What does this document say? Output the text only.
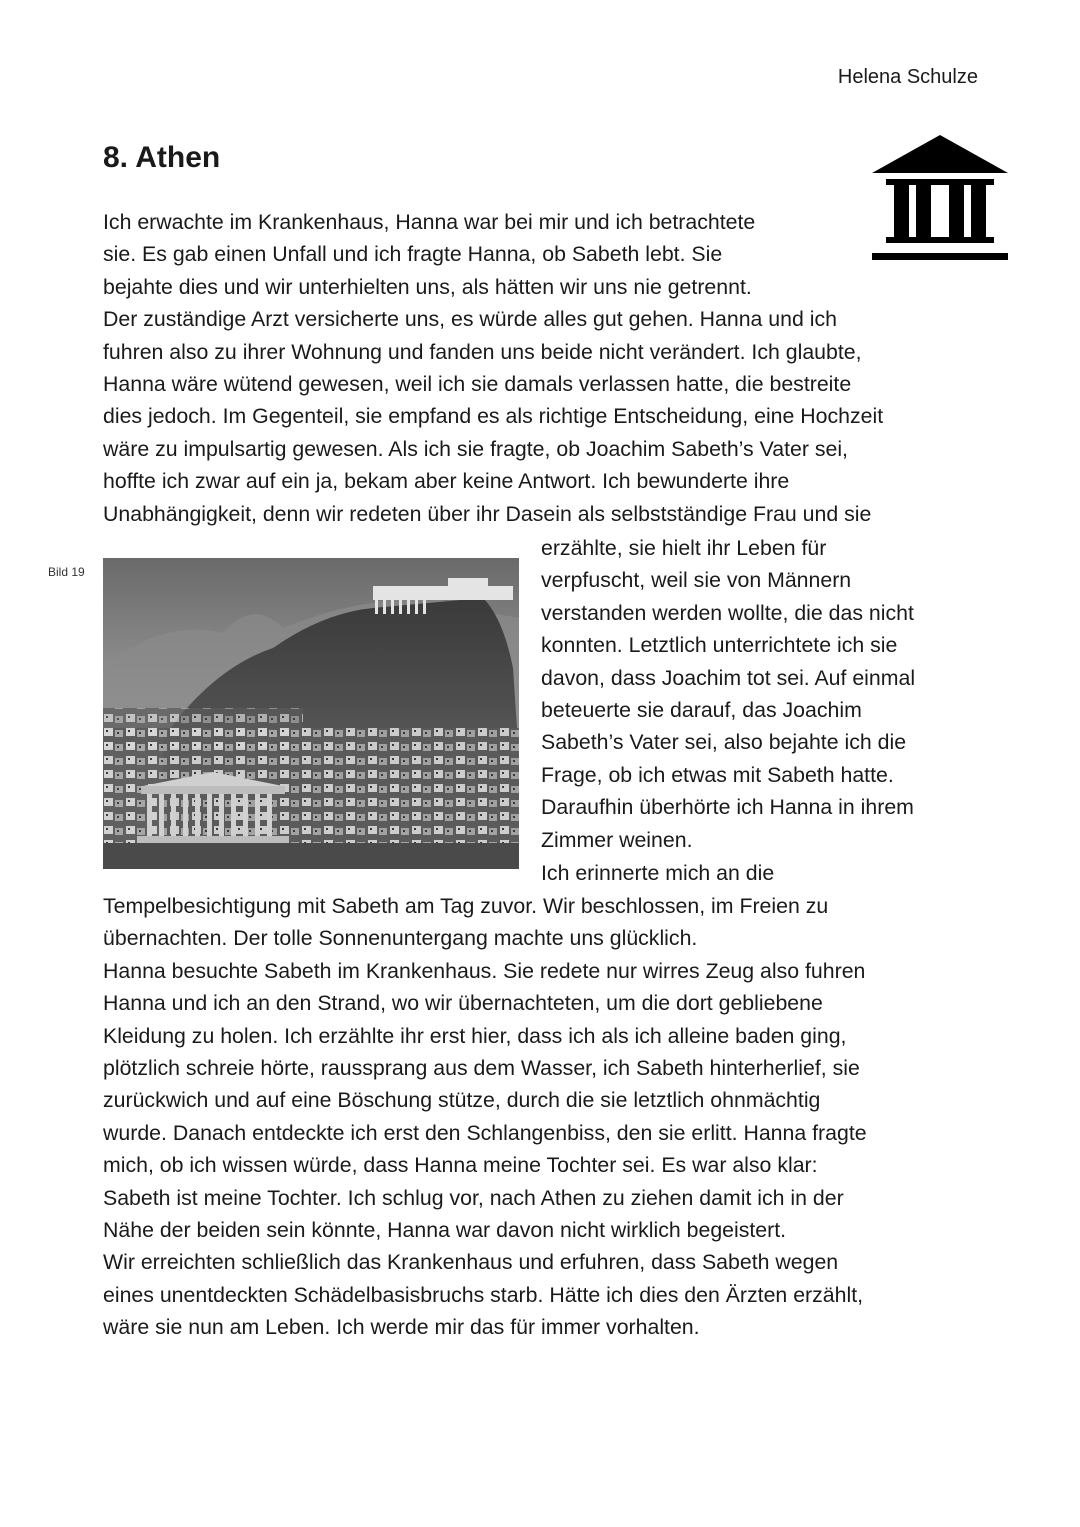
Helena Schulze
8. Athen
Ich erwachte im Krankenhaus, Hanna war bei mir und ich betrachtete
sie. Es gab einen Unfall und ich fragte Hanna, ob Sabeth lebt. Sie
bejahte dies und wir unterhielten uns, als hätten wir uns nie getrennt.
Der zuständige Arzt versicherte uns, es würde alles gut gehen. Hanna und ich
fuhren also zu ihrer Wohnung und fanden uns beide nicht verändert. Ich glaubte,
Hanna wäre wütend gewesen, weil ich sie damals verlassen hatte, die bestreite
dies jedoch. Im Gegenteil, sie empfand es als richtige Entscheidung, eine Hochzeit
wäre zu impulsartig gewesen. Als ich sie fragte, ob Joachim Sabeth’s Vater sei,
hoffte ich zwar auf ein ja, bekam aber keine Antwort. Ich bewunderte ihre
Unabhängigkeit, denn wir redeten über ihr Dasein als selbstständige Frau und sie
Bild 19
erzählte, sie hielt ihr Leben für
verpfuscht, weil sie von Männern
verstanden werden wollte, die das nicht
konnten. Letztlich unterrichtete ich sie
davon, dass Joachim tot sei. Auf einmal
beteuerte sie darauf, das Joachim
Sabeth’s Vater sei, also bejahte ich die
Frage, ob ich etwas mit Sabeth hatte.
Daraufhin überhörte ich Hanna in ihrem
Zimmer weinen.
Ich erinnerte mich an die
Tempelbesichtigung mit Sabeth am Tag zuvor. Wir beschlossen, im Freien zu
übernachten. Der tolle Sonnenuntergang machte uns glücklich.
Hanna besuchte Sabeth im Krankenhaus. Sie redete nur wirres Zeug also fuhren
Hanna und ich an den Strand, wo wir übernachteten, um die dort gebliebene
Kleidung zu holen. Ich erzählte ihr erst hier, dass ich als ich alleine baden ging,
plötzlich schreie hörte, raussprang aus dem Wasser, ich Sabeth hinterherlief, sie
zurückwich und auf eine Böschung stütze, durch die sie letztlich ohnmächtig
wurde. Danach entdeckte ich erst den Schlangenbiss, den sie erlitt. Hanna fragte
mich, ob ich wissen würde, dass Hanna meine Tochter sei. Es war also klar:
Sabeth ist meine Tochter. Ich schlug vor, nach Athen zu ziehen damit ich in der
Nähe der beiden sein könnte, Hanna war davon nicht wirklich begeistert.
Wir erreichten schließlich das Krankenhaus und erfuhren, dass Sabeth wegen
eines unentdeckten Schädelbasisbruchs starb. Hätte ich dies den Ärzten erzählt,
wäre sie nun am Leben. Ich werde mir das für immer vorhalten.
